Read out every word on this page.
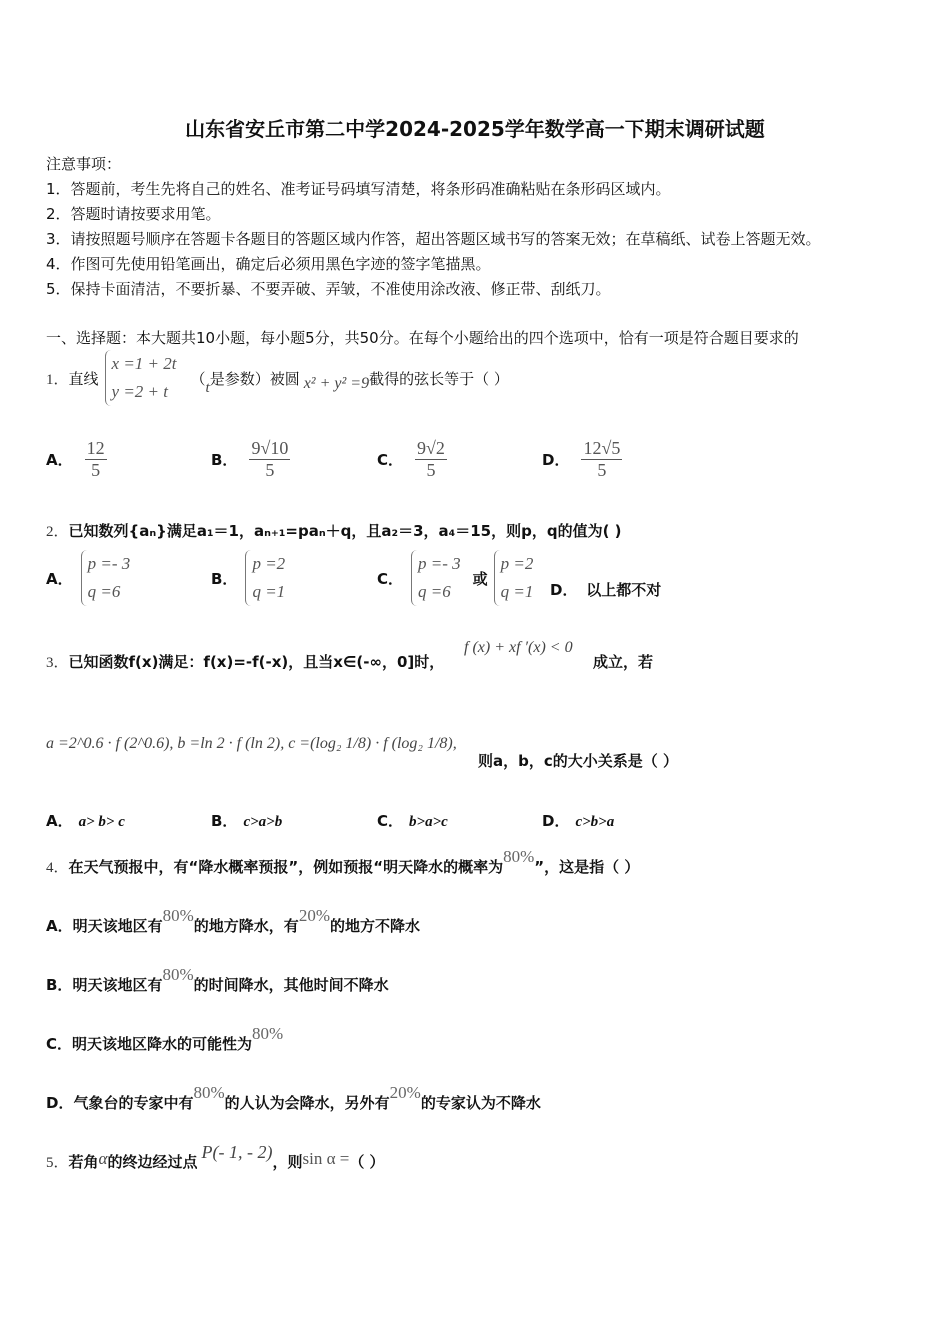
山东省安丘市第二中学2024-2025学年数学高一下期末调研试题
注意事项：
1．答题前，考生先将自己的姓名、准考证号码填写清楚，将条形码准确粘贴在条形码区域内。
2．答题时请按要求用笔。
3．请按照题号顺序在答题卡各题目的答题区域内作答，超出答题区域书写的答案无效；在草稿纸、试卷上答题无效。
4．作图可先使用铅笔画出，确定后必须用黑色字迹的签字笔描黑。
5．保持卡面清洁，不要折暴、不要弄破、弄皱，不准使用涂改液、修正带、刮纸刀。
一、选择题：本大题共10小题，每小题5分，共50分。在每个小题给出的四个选项中，恰有一项是符合题目要求的
1． 直线
x =1 + 2t
y =2 + t
（ t 是参数）被圆 x² + y² =9 截得的弦长等于（ ）
A． $\frac{12}{5}$	B． $\frac{9√10}{5}$	C． $\frac{9√2}{5}$	D． $\frac{12√5}{5}$
2．已知数列{aₙ}满足a₁＝1，aₙ₊₁=paₙ＋q，且a₂＝3，a₄＝15，则p，q的值为( )
A．
p =- 3
q =6
B．
p =2
q =1
C．
p =- 3
q =6
或
p =2
q =1 D． 以上都不对
3．已知函数f(x)满足：f(x)=-f(-x)，且当x∈(-∞，0]时，
f (x) + xf ′(x) < 0
成立，若
a =2^0.6 · f (2^0.6), b =ln 2 · f (ln 2), c =(log₂ 1/8) · f (log₂ 1/8),
则a，b，c的大小关系是（ ）
A． a> b> c	B． c>a>b	C． b>a>c	D． c>b>a
4．在天气预报中，有“降水概率预报”，例如预报“明天降水的概率为80%”，这是指（ ）
A．明天该地区有80%的地方降水，有20%的地方不降水
B．明天该地区有80%的时间降水，其他时间不降水
C．明天该地区降水的可能性为80%
D．气象台的专家中有80%的人认为会降水，另外有20%的专家认为不降水
5． 若角 α 的终边经过点 P(- 1, - 2) ，则 sin α = （ ）
